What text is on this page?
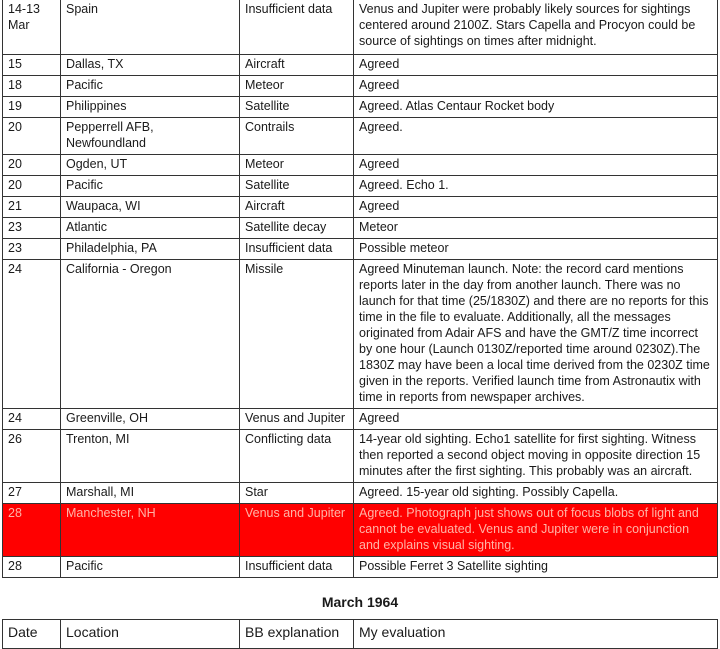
14-13 Mar	Spain	Insufficient data	Venus and Jupiter were probably likely sources for sightings centered around 2100Z. Stars Capella and Procyon could be source of sightings on times after midnight.
15	Dallas, TX	Aircraft	Agreed
18	Pacific	Meteor	Agreed
19	Philippines	Satellite	Agreed. Atlas Centaur Rocket body
20	Pepperrell AFB, Newfoundland	Contrails	Agreed.
20	Ogden, UT	Meteor	Agreed
20	Pacific	Satellite	Agreed. Echo 1.
21	Waupaca, WI	Aircraft	Agreed
23	Atlantic	Satellite decay	Meteor
23	Philadelphia, PA	Insufficient data	Possible meteor
24	California - Oregon	Missile	Agreed Minuteman launch. Note: the record card mentions reports later in the day from another launch. There was no launch for that time (25/1830Z) and there are no reports for this time in the file to evaluate. Additionally, all the messages originated from Adair AFS and have the GMT/Z time incorrect by one hour (Launch 0130Z/reported time around 0230Z).The 1830Z may have been a local time derived from the 0230Z time given in the reports. Verified launch time from Astronautix with time in reports from newspaper archives.
24	Greenville, OH	Venus and Jupiter	Agreed
26	Trenton, MI	Conflicting data	14-year old sighting. Echo1 satellite for first sighting. Witness then reported a second object moving in opposite direction 15 minutes after the first sighting. This probably was an aircraft.
27	Marshall, MI	Star	Agreed. 15-year old sighting. Possibly Capella.
28	Manchester, NH	Venus and Jupiter	Agreed. Photograph just shows out of focus blobs of light and cannot be evaluated. Venus and Jupiter were in conjunction and explains visual sighting.
28	Pacific	Insufficient data	Possible Ferret 3 Satellite sighting
March 1964
Date	Location	BB explanation	My evaluation
